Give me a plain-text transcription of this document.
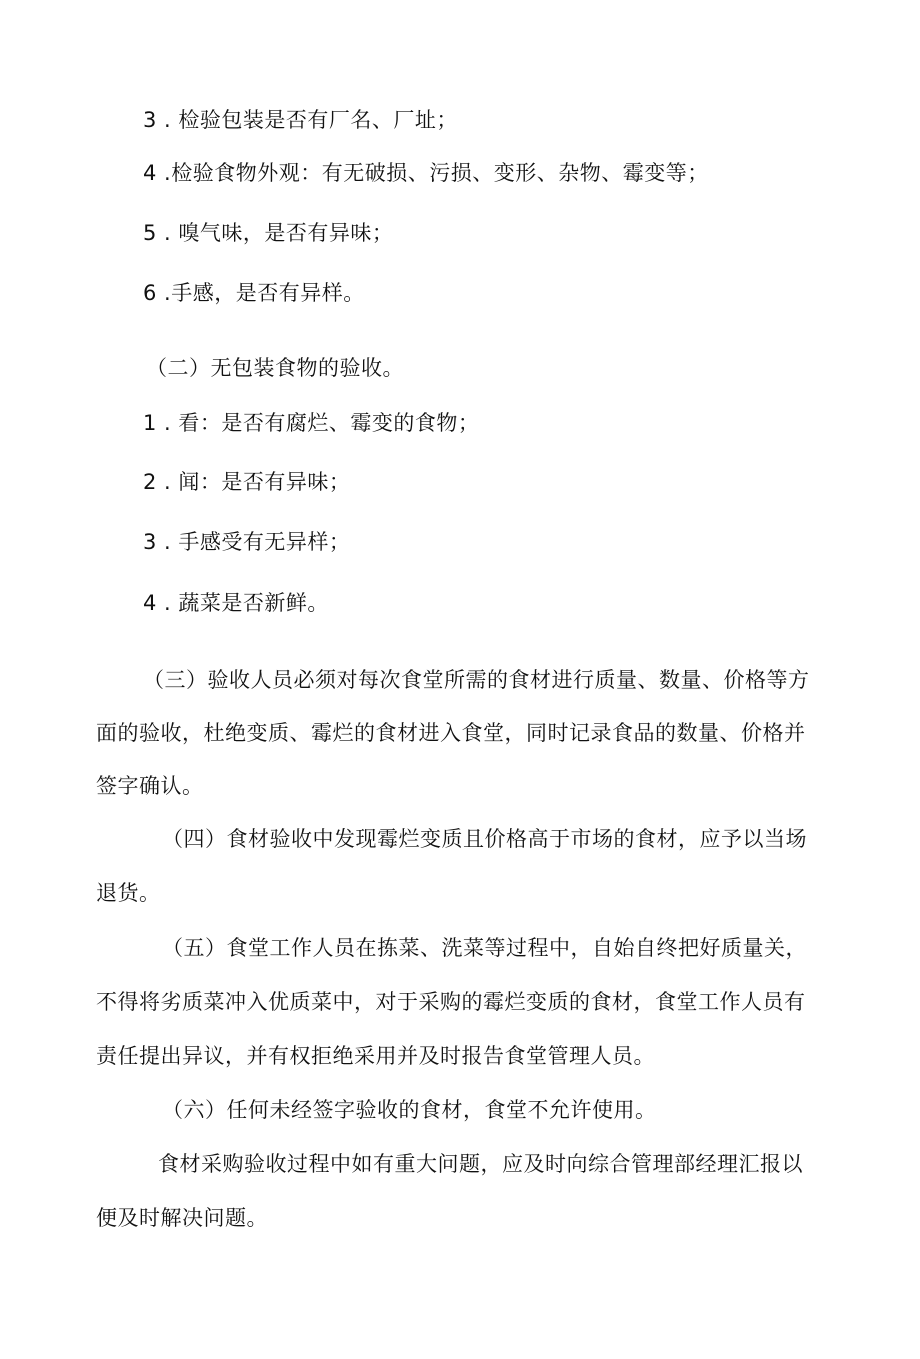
3 . 检验包装是否有厂名、厂址；
4 .检验食物外观：有无破损、污损、变形、杂物、霉变等；
5 . 嗅气味，是否有异味；
6 .手感，是否有异样。
（二）无包装食物的验收。
1 . 看：是否有腐烂、霉变的食物；
2 . 闻：是否有异味；
3 . 手感受有无异样；
4 . 蔬菜是否新鲜。
（三）验收人员必须对每次食堂所需的食材进行质量、数量、价格等方
面的验收，杜绝变质、霉烂的食材进入食堂，同时记录食品的数量、价格并
签字确认。
（四）食材验收中发现霉烂变质且价格高于市场的食材，应予以当场
退货。
（五）食堂工作人员在拣菜、洗菜等过程中，自始自终把好质量关，
不得将劣质菜冲入优质菜中，对于采购的霉烂变质的食材，食堂工作人员有
责任提出异议，并有权拒绝采用并及时报告食堂管理人员。
（六）任何未经签字验收的食材，食堂不允许使用。
食材采购验收过程中如有重大问题，应及时向综合管理部经理汇报以
便及时解决问题。
